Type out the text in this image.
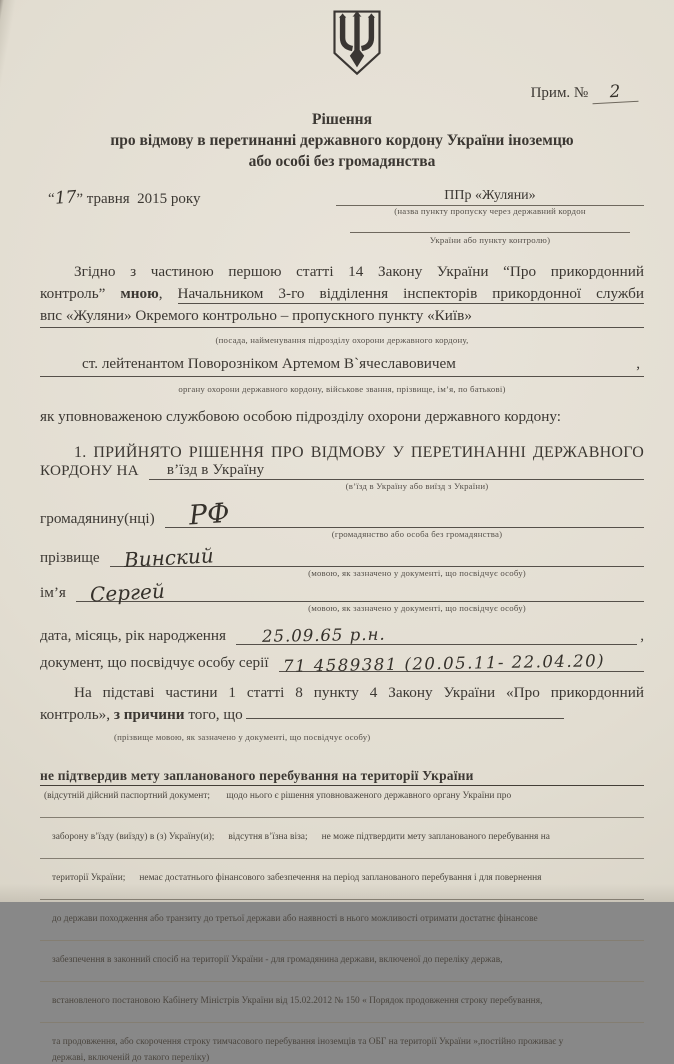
Прим. № 2
Рішення
про відмову в перетинанні державного кордону України іноземцю
або особі без громадянства
“17” травня  2015 року	ППр «Жуляни»
(назва пункту пропуску через державний кордон
України або пункту контролю)
Згідно з частиною першою статті 14 Закону України “Про прикордонний
контроль” мною, Начальником 3-го відділення інспекторів прикордонної служби
впс «Жуляни» Окремого контрольно – пропускного пункту «Київ»
(посада, найменування підрозділу охорони державного кордону,
,
ст. лейтенантом Поворозніком Артемом В`ячеславовичем
органу охорони державного кордону, військове звання, прізвище, ім’я, по батькові)
як уповноваженою службовою особою підрозділу охорони державного кордону:
1. ПРИЙНЯТО РІШЕННЯ ПРО ВІДМОВУ У ПЕРЕТИНАННІ ДЕРЖАВНОГО
КОРДОНУ НА	в’їзд в Україну
(в’їзд в Україну або виїзд з України)
громадянину(нці)	РФ
(громадянство або особа без громадянства)
прізвище	Винский
(мовою, як зазначено у документі, що посвідчує особу)
ім’я	Сергей
(мовою, як зазначено у документі, що посвідчує особу)
дата, місяць, рік народження	25.09.65 р.н.	,
документ, що посвідчує особу серії 71 4589381 (20.05.11- 22.04.20)
На підставі частини 1 статті 8 пункту 4 Закону України «Про прикордонний
контроль», з причини того, що
(прізвище мовою, як зазначено у документі, що посвідчує особу)
не підтвердив мету запланованого перебування на території України
(відсутній дійсний паспортний документ;       щодо нього є рішення уповноваженого державного органу України про
заборону в’їзду (виїзду) в (з) Україну(и);      відсутня в’їзна віза;      не може підтвердити мету запланованого перебування на
території України;      немає достатнього фінансового забезпечення на період запланованого перебування і для повернення
до держави походження або транзиту до третьої держави або наявності в нього можливості отримати достатнє фінансове
забезпечення в законний спосіб на території України - для громадянина держави, включеної до переліку держав,
встановленого постановою Кабінету Міністрів України від 15.02.2012 № 150 « Порядок продовження строку перебування,
та продовження, або скорочення строку тимчасового перебування іноземців та ОБГ на території України »,постійно проживає у
державі, включеній до такого переліку)
